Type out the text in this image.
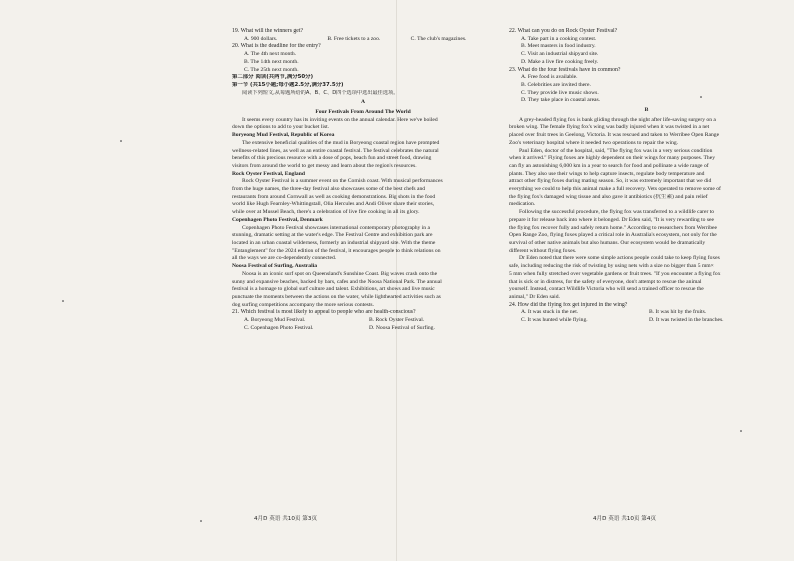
19. What will the winners get?
A. 900 dollars.	B. Free tickets to a zoo.	C. The club's magazines.
20. What is the deadline for the entry?
A. The 4th next month.
B. The 14th next month.
C. The 25th next month.
第二部分 阅读(共两节,满分50分)
第一节 (共15小题;每小题2.5分,满分37.5分)
阅读下列短文,从每题所给的A、B、C、D四个选项中选出最佳选项。
A
Four Festivals From Around The World
It seems every country has its inviting events on the annual calendar. Here we've boiled
down the options to add to your bucket list.
Boryeong Mud Festival, Republic of Korea
The extensive beneficial qualities of the mud in Boryeong coastal region have prompted
wellness-related lines, as well as an entire coastal festival. The festival celebrates the natural
benefits of this precious resource with a dose of pops, beach fun and street food, drawing
visitors from around the world to get messy and learn about the region's resources.
Rock Oyster Festival, England
Rock Oyster Festival is a summer event on the Cornish coast. With musical performances
from the huge names, the three-day festival also showcases some of the best chefs and
restaurants from around Cornwall as well as cooking demonstrations. Big shots in the food
world like Hugh Fearnley-Whittingstall, Olia Hercules and Andi Oliver share their stories,
while over at Mussel Beach, there's a celebration of live fire cooking in all its glory.
Copenhagen Photo Festival, Denmark
Copenhagen Photo Festival showcases international contemporary photography in a
stunning, dramatic setting at the water's edge. The Festival Centre and exhibition park are
located in an urban coastal wilderness, formerly an industrial shipyard site. With the theme
"Entanglement" for the 2024 edition of the festival, it encourages people to think relations on
all the ways we are co-dependently connected.
Noosa Festival of Surfing, Australia
Noosa is an iconic surf spot on Queensland's Sunshine Coast. Big waves crash onto the
sunny and expansive beaches, backed by bars, cafes and the Noosa National Park. The annual
festival is a homage to global surf culture and talent. Exhibitions, art shows and live music
punctuate the moments between the actions on the water, while lighthearted activities such as
dog surfing competitions accompany the more serious contests.
21. Which festival is most likely to appeal to people who are health-conscious?
A. Boryeong Mud Festival.	B. Rock Oyster Festival.
C. Copenhagen Photo Festival.	D. Noosa Festival of Surfing.
4月D 英语 共10页 第3页
22. What can you do on Rock Oyster Festival?
A. Take part in a cooking contest.
B. Meet masters in food industry.
C. Visit an industrial shipyard site.
D. Make a live fire cooking freely.
23. What do the four festivals have in common?
A. Free food is available.
B. Celebrities are invited there.
C. They provide live music shows.
D. They take place in coastal areas.
B
A grey-headed flying fox is bank gliding through the night after life-saving surgery on a
broken wing. The female flying fox's wing was badly injured when it was twisted in a net
placed over fruit trees in Geelong, Victoria. It was rescued and taken to Werribee Open Range
Zoo's veterinary hospital where it needed two operations to repair the wing.
Paul Eden, doctor of the hospital, said, "The flying fox was in a very serious condition
when it arrived." Flying foxes are highly dependent on their wings for many purposes. They
can fly an astonishing 6,000 km in a year to search for food and pollinate a wide range of
plants. They also use their wings to help capture insects, regulate body temperature and
attract other flying foxes during mating season. So, it was extremely important that we did
everything we could to help this animal make a full recovery. Vets operated to remove some of
the flying fox's damaged wing tissue and also gave it antibiotics (抗生素) and pain relief
medication.
Following the successful procedure, the flying fox was transferred to a wildlife carer to
prepare it for release back into where it belonged. Dr Eden said, "It is very rewarding to see
the flying fox recover fully and safely return home." According to researchers from Werribee
Open Range Zoo, flying foxes played a critical role in Australia's ecosystem, not only for the
survival of other native animals but also humans. Our ecosystem would be dramatically
different without flying foxes.
Dr Eden noted that there were some simple actions people could take to keep flying foxes
safe, including reducing the risk of twisting by using nets with a size no bigger than 5 mm×
5 mm when fully stretched over vegetable gardens or fruit trees. "If you encounter a flying fox
that is sick or in distress, for the safety of everyone, don't attempt to rescue the animal
yourself. Instead, contact Wildlife Victoria who will send a trained officer to rescue the
animal," Dr Eden said.
24. How did the flying fox get injured in the wing?
A. It was stuck in the net.	B. It was hit by the fruits.
C. It was hunted while flying.	D. It was twisted in the branches.
4月D 英语 共10页 第4页
